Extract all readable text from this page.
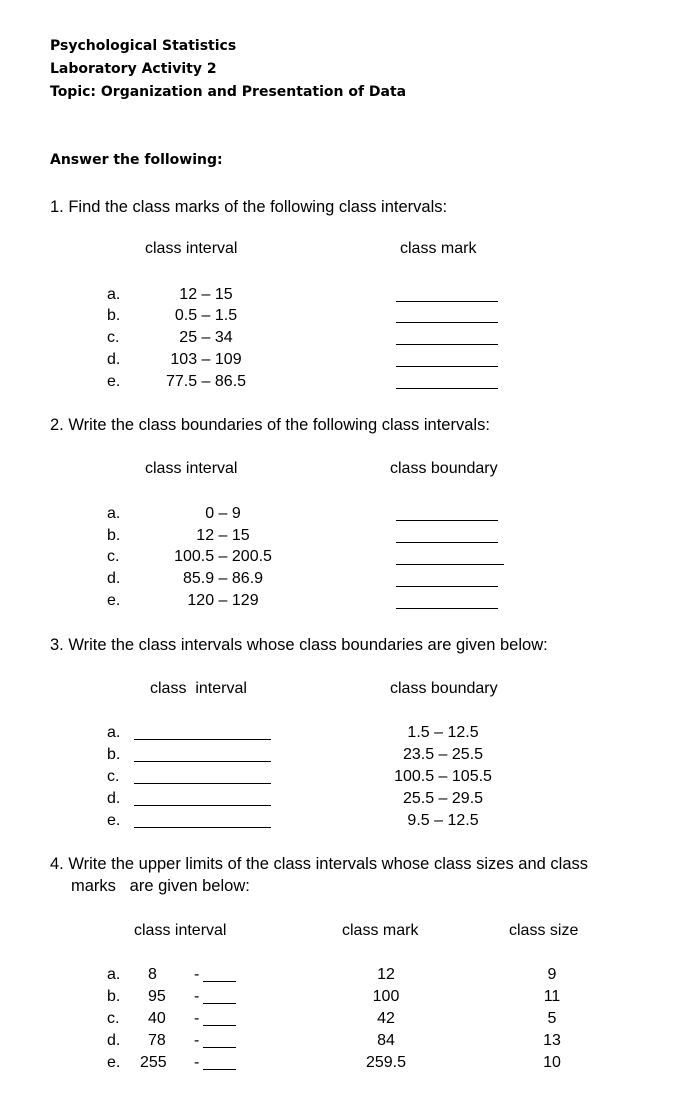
Psychological Statistics
Laboratory Activity 2
Topic: Organization and Presentation of Data
Answer the following:
1. Find the class marks of the following class intervals:
class interval	class mark
a.	12 – 15
b.	0.5 – 1.5
c.	25 – 34
d.	103 – 109
e.	77.5 – 86.5
2. Write the class boundaries of the following class intervals:
class interval	class boundary
a.	0 – 9
b.	12 – 15
c.	100.5 – 200.5
d.	85.9 – 86.9
e.	120 – 129
3. Write the class intervals whose class boundaries are given below:
class  interval	class boundary
a.	1.5 – 12.5
b.	23.5 – 25.5
c.	100.5 – 105.5
d.	25.5 – 29.5
e.	9.5 – 12.5
4. Write the upper limits of the class intervals whose class sizes and class
marks   are given below:
class interval	class mark	class size
a. 8 -	12	9
b. 95 -	100	11
c. 40 -	42	5
d. 78 -	84	13
e. 255 -	259.5	10
